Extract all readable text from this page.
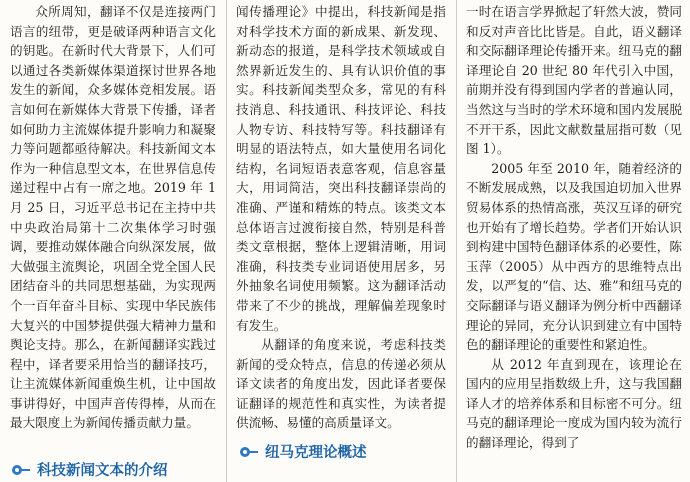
众所周知，翻译不仅是连接两门语言的纽带，更是破译两种语言文化的钥匙。在新时代大背景下，人们可以通过各类新媒体渠道探讨世界各地发生的新闻，众多媒体竞相发展。语言如何在新媒体大背景下传播，译者如何助力主流媒体提升影响力和凝聚力等问题都亟待解决。科技新闻文本作为一种信息型文本，在世界信息传递过程中占有一席之地。2019 年 1 月 25 日，习近平总书记在主持中共中央政治局第十二次集体学习时强调，要推动媒体融合向纵深发展，做大做强主流舆论，巩固全党全国人民团结奋斗的共同思想基础，为实现两个一百年奋斗目标、实现中华民族伟大复兴的中国梦提供强大精神力量和舆论支持。那么，在新闻翻译实践过程中，译者要采用恰当的翻译技巧，让主流媒体新闻重焕生机，让中国故事讲得好，中国声音传得棒，从而在最大限度上为新闻传播贡献力量。

闻传播理论》中提出，科技新闻是指对科学技术方面的新成果、新发现、新动态的报道，是科学技术领域或自然界新近发生的、具有认识价值的事实。科技新闻类型众多，常见的有科技消息、科技通讯、科技评论、科技人物专访、科技特写等。科技翻译有明显的语法特点，如大量使用名词化结构，名词短语表意客观，信息容量大，用词简洁，突出科技翻译崇尚的准确、严谨和精炼的特点。该类文本总体语言过渡衔接自然，特别是科普类文章根据，整体上逻辑清晰，用词准确，科技类专业词语使用居多，另外抽象名词使用频繁。这为翻译活动带来了不少的挑战，理解偏差现象时有发生。

从翻译的角度来说，考虑科技类新闻的受众特点，信息的传递必须从译文读者的角度出发，因此译者要保证翻译的规范性和真实性，为读者提供流畅、易懂的高质量译文。

一时在语言学界掀起了轩然大波，赞同和反对声音比比皆是。自此，语义翻译和交际翻译理论传播开来。纽马克的翻译理论自 20 世纪 80 年代引入中国，前期并没有得到国内学者的普遍认同，当然这与当时的学术环境和国内发展脱不开干系，因此文献数量屈指可数（见图 1）。

2005 年至 2010 年，随着经济的不断发展成熟，以及我国迫切加入世界贸易体系的热情高涨，英汉互译的研究也开始有了增长趋势。学者们开始认识到构建中国特色翻译体系的必要性，陈玉萍（2005）从中西方的思维特点出发，以严复的“信、达、雅”和纽马克的交际翻译与语义翻译为例分析中西翻译理论的异同，充分认识到建立有中国特色的翻译理论的重要性和紧迫性。

从 2012 年直到现在，该理论在国内的应用呈指数级上升，这与我国翻译人才的培养体系和目标密不可分。纽马克的翻译理论一度成为国内较为流行的翻译理论，得到了

科技新闻文本的介绍
纽马克理论概述
